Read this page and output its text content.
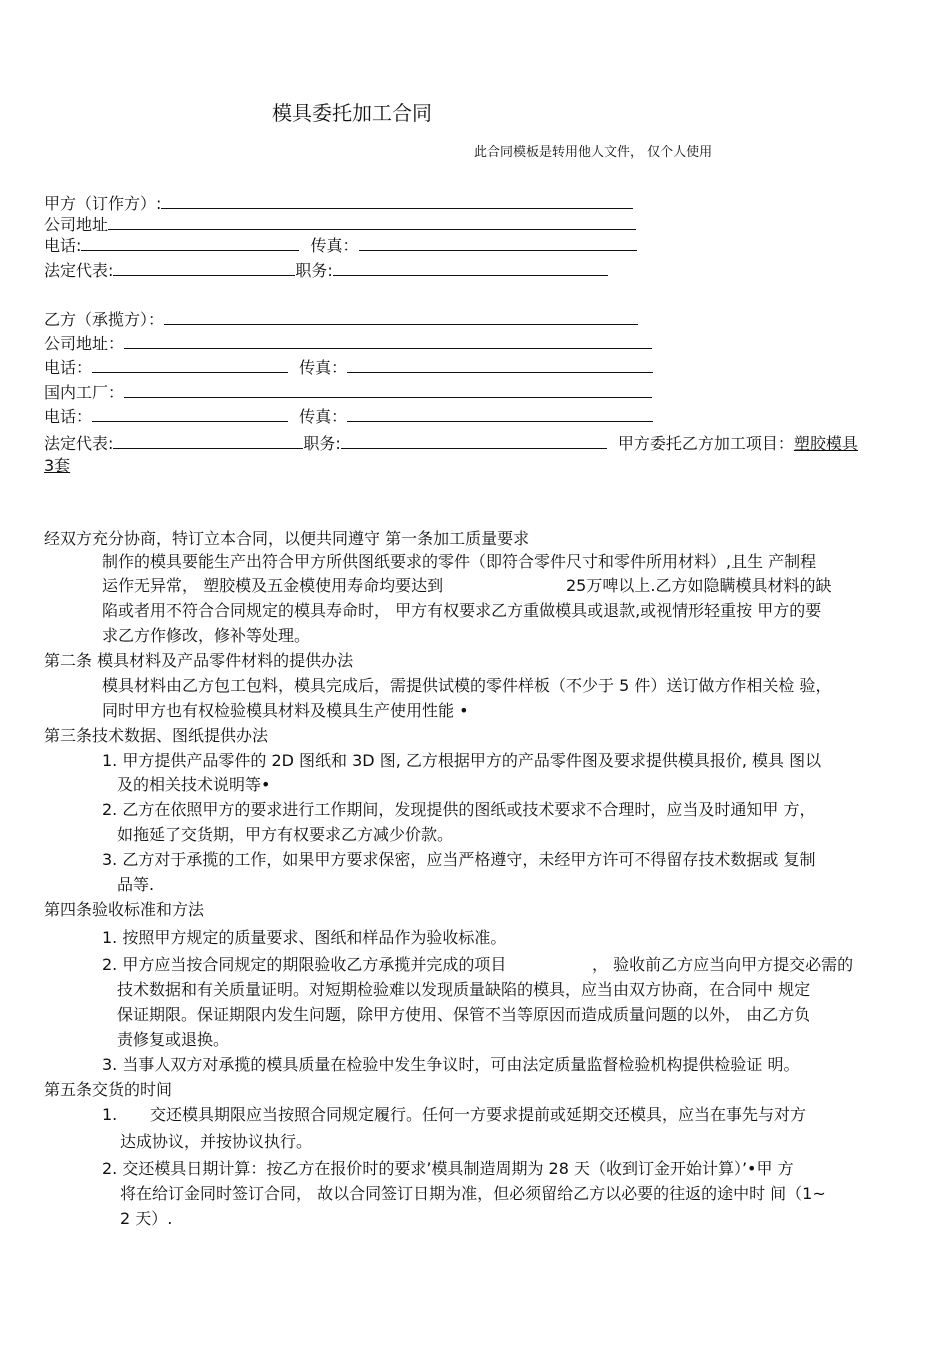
模具委托加工合同
此合同模板是转用他人文件， 仅个人使用
甲方（订作方）:
公司地址
电话:	传真：
法定代表:	职务:
乙方（承揽方）：
公司地址：
电话：	传真：
国内工厂：
电话：	传真：
法定代表:	职务:	甲方委托乙方加工项目：塑胶模具
3套
经双方充分协商，特订立本合同，以便共同遵守 第一条加工质量要求
制作的模具要能生产出符合甲方所供图纸要求的零件（即符合零件尺寸和零件所用材料）,且生 产制程
运作无异常， 塑胶模及五金模使用寿命均要达到	25万啤以上.乙方如隐瞒模具材料的缺
陷或者用不符合合同规定的模具寿命时， 甲方有权要求乙方重做模具或退款,或视情形轻重按 甲方的要
求乙方作修改，修补等处理。
第二条 模具材料及产品零件材料的提供办法
模具材料由乙方包工包料，模具完成后，需提供试模的零件样板（不少于 5 件）送订做方作相关检 验，
同时甲方也有权检验模具材料及模具生产使用性能 •
第三条技术数据、图纸提供办法
1. 甲方提供产品零件的 2D 图纸和 3D 图, 乙方根据甲方的产品零件图及要求提供模具报价, 模具 图以
及的相关技术说明等•
2. 乙方在依照甲方的要求进行工作期间，发现提供的图纸或技术要求不合理时，应当及时通知甲 方，
如拖延了交货期，甲方有权要求乙方减少价款。
3. 乙方对于承揽的工作，如果甲方要求保密，应当严格遵守，未经甲方许可不得留存技术数据或 复制
品等.
第四条验收标准和方法
1. 按照甲方规定的质量要求、图纸和样品作为验收标准。
2. 甲方应当按合同规定的期限验收乙方承揽并完成的项目	， 验收前乙方应当向甲方提交必需的
技术数据和有关质量证明。对短期检验难以发现质量缺陷的模具，应当由双方协商，在合同中 规定
保证期限。保证期限内发生问题，除甲方使用、保管不当等原因而造成质量问题的以外， 由乙方负
责修复或退换。
3. 当事人双方对承揽的模具质量在检验中发生争议时，可由法定质量监督检验机构提供检验证 明。
第五条交货的时间
1. 交还模具期限应当按照合同规定履行。任何一方要求提前或延期交还模具，应当在事先与对方
达成协议，并按协议执行。
2. 交还模具日期计算：按乙方在报价时的要求’模具制造周期为 28 天（收到订金开始计算）’•甲 方
将在给订金同时签订合同， 故以合同签订日期为准，但必须留给乙方以必要的往返的途中时 间（1~
2 天）.
